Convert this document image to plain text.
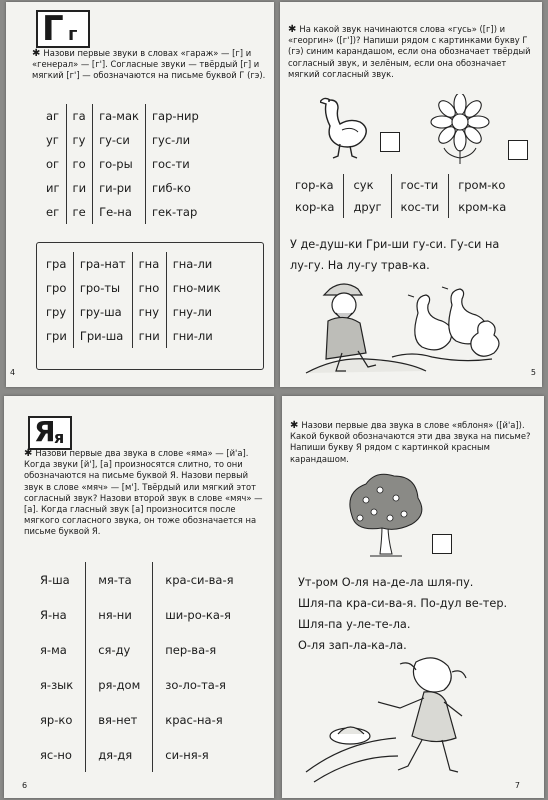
Г г
✱ Назови первые звуки в словах «гараж» — [г] и «генерал» — [г']. Согласные звуки — твёрдый [г] и мягкий [г'] — обозначаются на письме буквой Г (гэ).
аг	га	га-мак	гар-нир
уг	гу	гу-си	гус-ли
ог	го	го-ры	гос-ти
иг	ги	ги-ри	гиб-ко
ег	ге	Ге-на	гек-тар
гра	гра-нат	гна	гна-ли
гро	гро-ты	гно	гно-мик
гру	гру-ша	гну	гну-ли
гри	Гри-ша	гни	гни-ли
4
✱ На какой звук начинаются слова «гусь» ([г]) и «георгин» ([г'])? Напиши рядом с картинками букву Г (гэ) синим карандашом, если она обозначает твёрдый согласный звук, и зелёным, если она обозначает мягкий согласный звук.
гор-ка	сук	гос-ти	гром-ко
кор-ка	друг	кос-ти	кром-ка
У де-душ-ки Гри-ши гу-си. Гу-си на
лу-гу. На лу-гу трав-ка.
5
Я
я
✱ Назови первые два звука в слове «яма» — [й'а]. Когда звуки [й'], [а] произносятся слитно, то они обозначаются на письме буквой Я. Назови первый звук в слове «мяч» — [м']. Твёрдый или мягкий этот согласный звук? Назови второй звук в слове «мяч» — [а]. Когда гласный звук [а] произносится после мягкого согласного звука, он тоже обозначается на письме буквой Я.
Я-ша	мя-та	кра-си-ва-я
Я-на	ня-ни	ши-ро-ка-я
я-ма	ся-ду	пер-ва-я
я-зык	ря-дом	зо-ло-та-я
яр-ко	вя-нет	крас-на-я
яс-но	дя-дя	си-ня-я
6
✱ Назови первые два звука в слове «яблоня» ([й'а]). Какой буквой обозначаются эти два звука на письме? Напиши букву Я рядом с картинкой красным карандашом.
Ут-ром О-ля на-де-ла шля-пу.
Шля-па кра-си-ва-я. По-дул ве-тер.
Шля-па у-ле-те-ла.
О-ля зап-ла-ка-ла.
7
